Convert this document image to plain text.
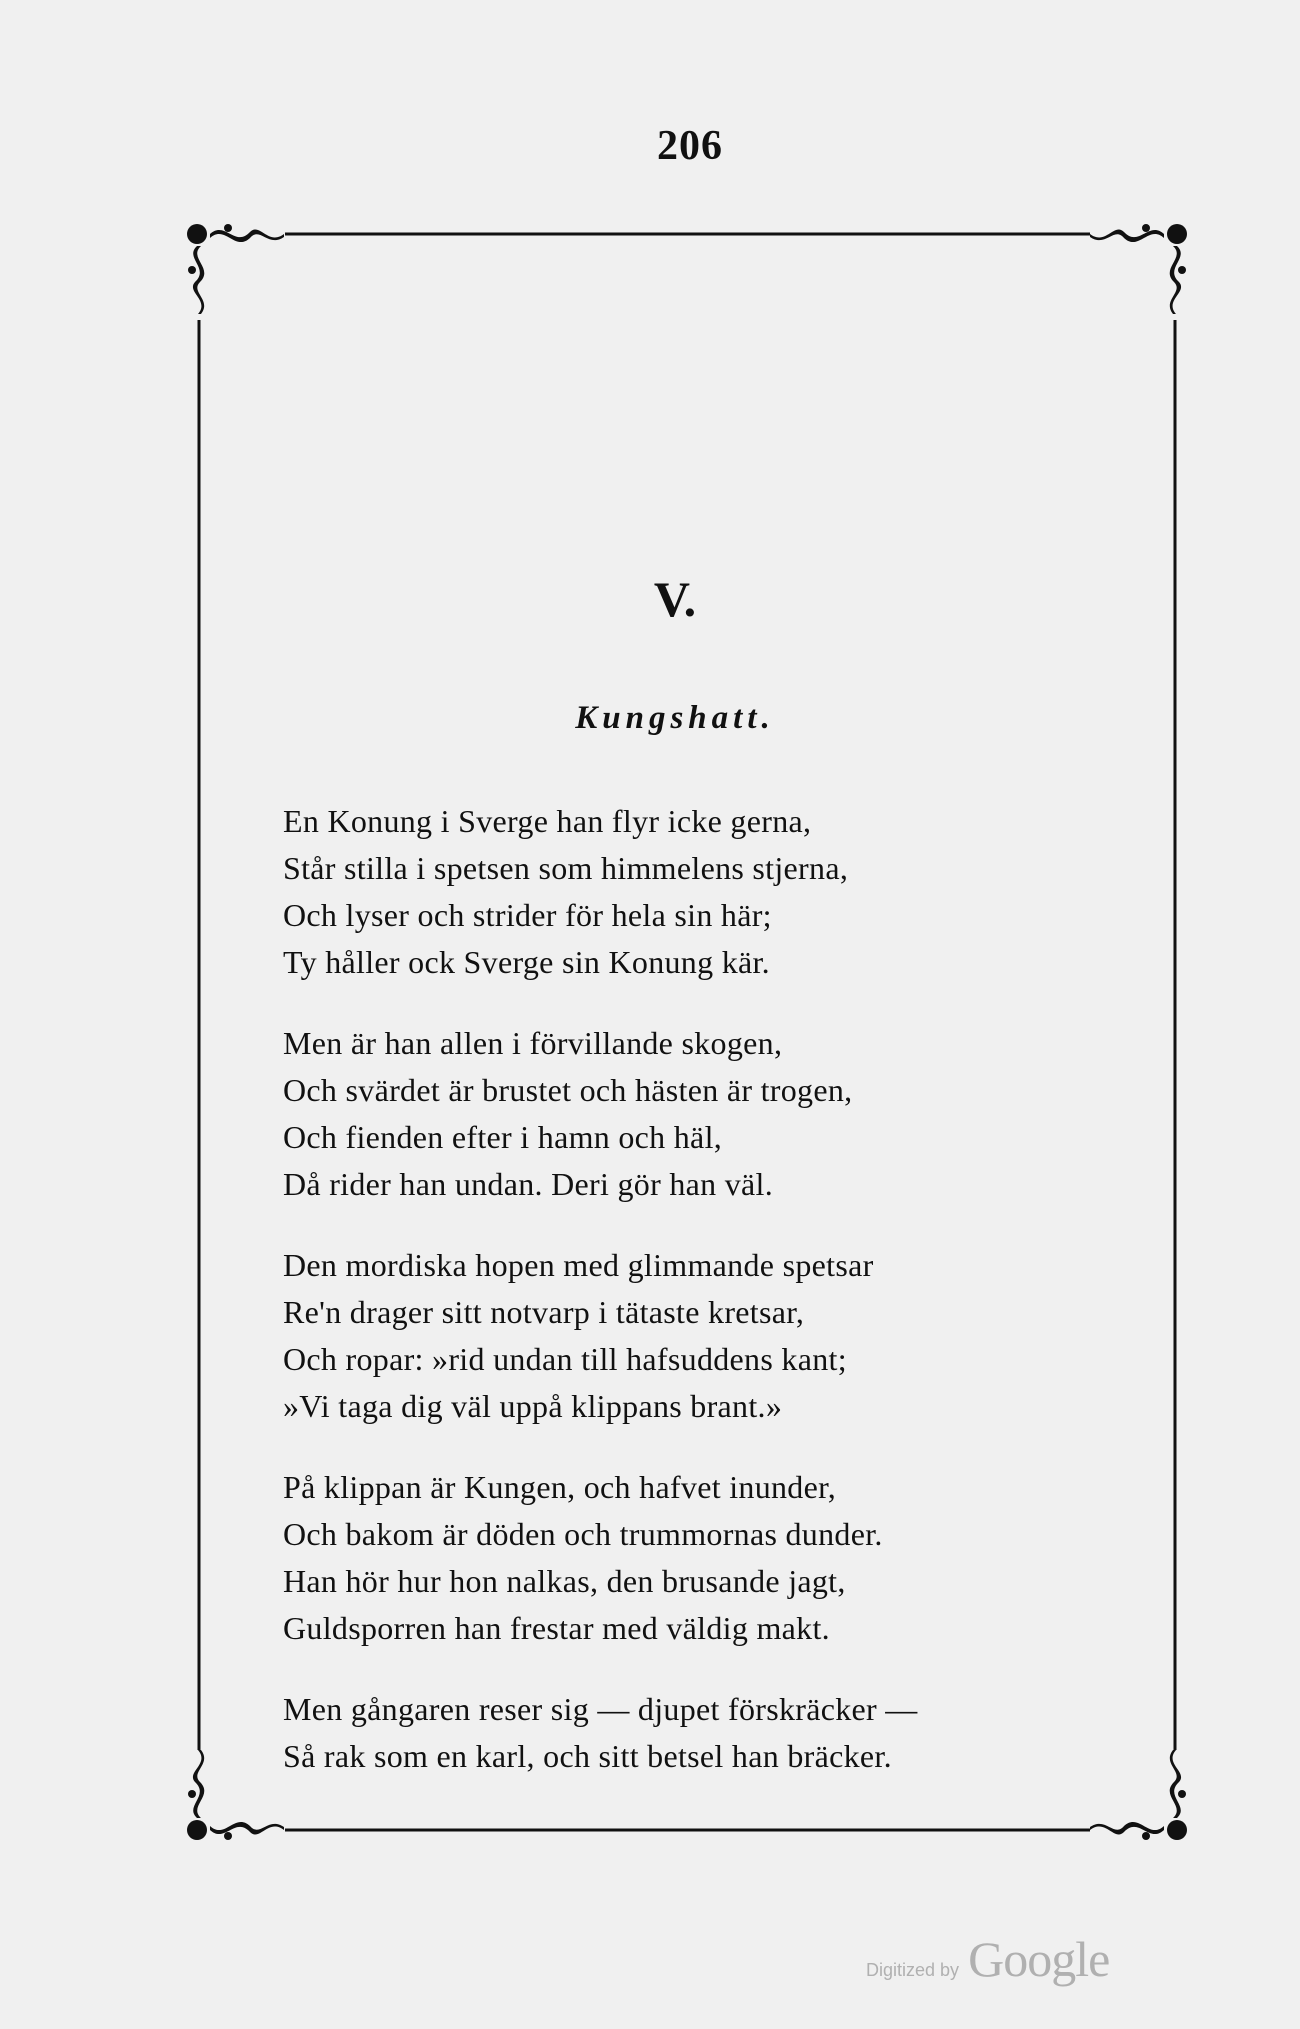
206
V.
Kungshatt.
En Konung i Sverge han flyr icke gerna,
Står stilla i spetsen som himmelens stjerna,
Och lyser och strider för hela sin här;
Ty håller ock Sverge sin Konung kär.
Men är han allen i förvillande skogen,
Och svärdet är brustet och hästen är trogen,
Och fienden efter i hamn och häl,
Då rider han undan. Deri gör han väl.
Den mordiska hopen med glimmande spetsar
Re'n drager sitt notvarp i tätaste kretsar,
Och ropar: »rid undan till hafsuddens kant;
»Vi taga dig väl uppå klippans brant.»
På klippan är Kungen, och hafvet inunder,
Och bakom är döden och trummornas dunder.
Han hör hur hon nalkas, den brusande jagt,
Guldsporren han frestar med väldig makt.
Men gångaren reser sig — djupet förskräcker —
Så rak som en karl, och sitt betsel han bräcker.
Digitized by Google
